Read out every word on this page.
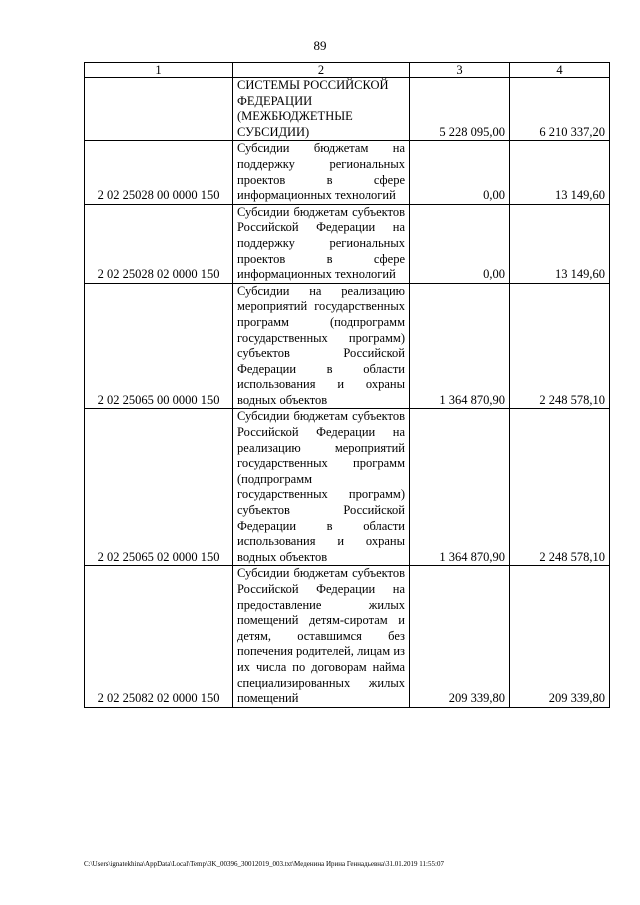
89
1	2	3	4
	СИСТЕМЫ РОССИЙСКОЙ ФЕДЕРАЦИИ (МЕЖБЮДЖЕТНЫЕ СУБСИДИИ)	5 228 095,00	6 210 337,20
2 02 25028 00 0000 150	Субсидии бюджетам на поддержку региональных проектов в сфере информационных технологий	0,00	13 149,60
2 02 25028 02 0000 150	Субсидии бюджетам субъектов Российской Федерации на поддержку региональных проектов в сфере информационных технологий	0,00	13 149,60
2 02 25065 00 0000 150	Субсидии на реализацию мероприятий государственных программ (подпрограмм государственных программ) субъектов Российской Федерации в области использования и охраны водных объектов	1 364 870,90	2 248 578,10
2 02 25065 02 0000 150	Субсидии бюджетам субъектов Российской Федерации на реализацию мероприятий государственных программ (подпрограмм государственных программ) субъектов Российской Федерации в области использования и охраны водных объектов	1 364 870,90	2 248 578,10
2 02 25082 02 0000 150	Субсидии бюджетам субъектов Российской Федерации на предоставление жилых помещений детям-сиротам и детям, оставшимся без попечения родителей, лицам из их числа по договорам найма специализированных жилых помещений	209 339,80	209 339,80
C:\Users\ignatekhina\AppData\Local\Temp\3K_00396_30012019_003.txt\Меденина Ирина Геннадьевна\31.01.2019 11:55:07
